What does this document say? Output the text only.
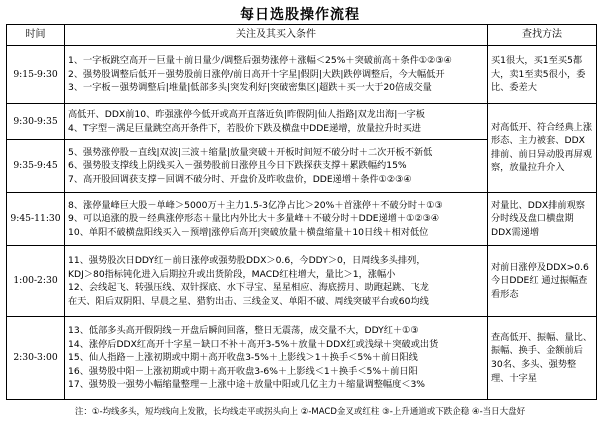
每日选股操作流程
时间	关注及其买入条件	查找方法
9:15-9:30	1、一字板跳空高开－巨量＋前日量少/调整后强势涨停＋涨幅＜25%＋突破前高＋条件①②③④
2、强势股调整后低开－强势股前日涨停/前日高开十字星|假阴|大跌|跌停调整后，今大幅低开
3、一字板－强势调整后|堆量|低部多头|突发利好|突破密集区|超跌＋买一大于20倍成交量	买1很大，买1至买5都大，卖1至卖5很小，委比、委差大
9:30-9:35	高低开、DDX前10、昨强涨停今低开或高开直落近负|昨假阴|仙人指路|双龙出海|一字板
4、T字型－满足巨量跳空高开条件下，若股价下跌及横盘中DDE递增，放量拉升时买进	对高低开、符合经典上涨形态、主力被套、DDX排前、前日异动股再屏观察，放量拉升介入
9:35-9:45	5、强势涨停股－直线|双波|三波＋缩量|放量突破＋开板时间短不破分时＋二次开板不新低
6、强势股支撑线上阴线买入－强势股前日涨停且今日下跌探获支撑＋累跌幅约15%
7、高开股回调获支撑－回调不破分时、开盘价及昨收盘价，DDE递增＋条件①②③④	

9:45-11:30	8、涨停量峰巨大股－单峰＞5000万＋主力1.5-3亿净占比＞20%＋首涨停＋不破分时＋①③
9、可以追涨的股－经典涨停形态＋量比内外比大＋多量峰＋不破分时＋DDE递增＋①②③④
10、单阳不破横盘阳线买入－预增|涨停后高开|突破放量＋横盘缩量＋10日线＋相对低位	对量比、DDX排前观察分时线及盘口横盘期DDX需递增
1:00-2:30	11、强势股次日DDY红－前日涨停或强势股DDX＞0.6，今DDY＞0，日周线多头排列，
KDJ＞80指标钝化进入后期拉升或出货阶段，MACD红柱增大，量比＞1，涨幅小
12、会线起飞、转强压线、双针探底、水下寻宝、星星相应、海底捞月、助跑起跳、飞龙
在天、阳后双阴阳、早晨之星、猎豹出击、三线金叉、单阳不破、周线突破平台或60均线	对前日涨停及DDX>0.6今日DDE红 通过振幅查看形态
2:30-3:00	13、低部多头高开假阴线－开盘后瞬间回落，整日无震荡，成交量不大，DDY红＋①③
14、涨停后DDX红高开十字星－缺口不补＋高开3-5%＋放量＋DDX红或浅绿＋突破或出货
15、仙人指路－上涨初期或中期＋高开收盘3-5%＋上影线＞1＋换手＜5%＋前日阳线
16、强势股中阳－上涨初期或中期＋高开收盘3-6%＋上影线＜1＋换手＜5%＋前日阳
17、强势股一强势小幅缩量整理－上涨中途＋放量中阳或几亿主力＋缩量调整幅度＜3%	查高低开、振幅、量比、振幅、换手、金额前后30名、多头、强势整理、十字星
注：①-均线多头，短均线向上发散，长均线走平或拐头向上 ②-MACD金叉或红柱 ③-上升通道或下跌企稳 ④-当日大盘好
